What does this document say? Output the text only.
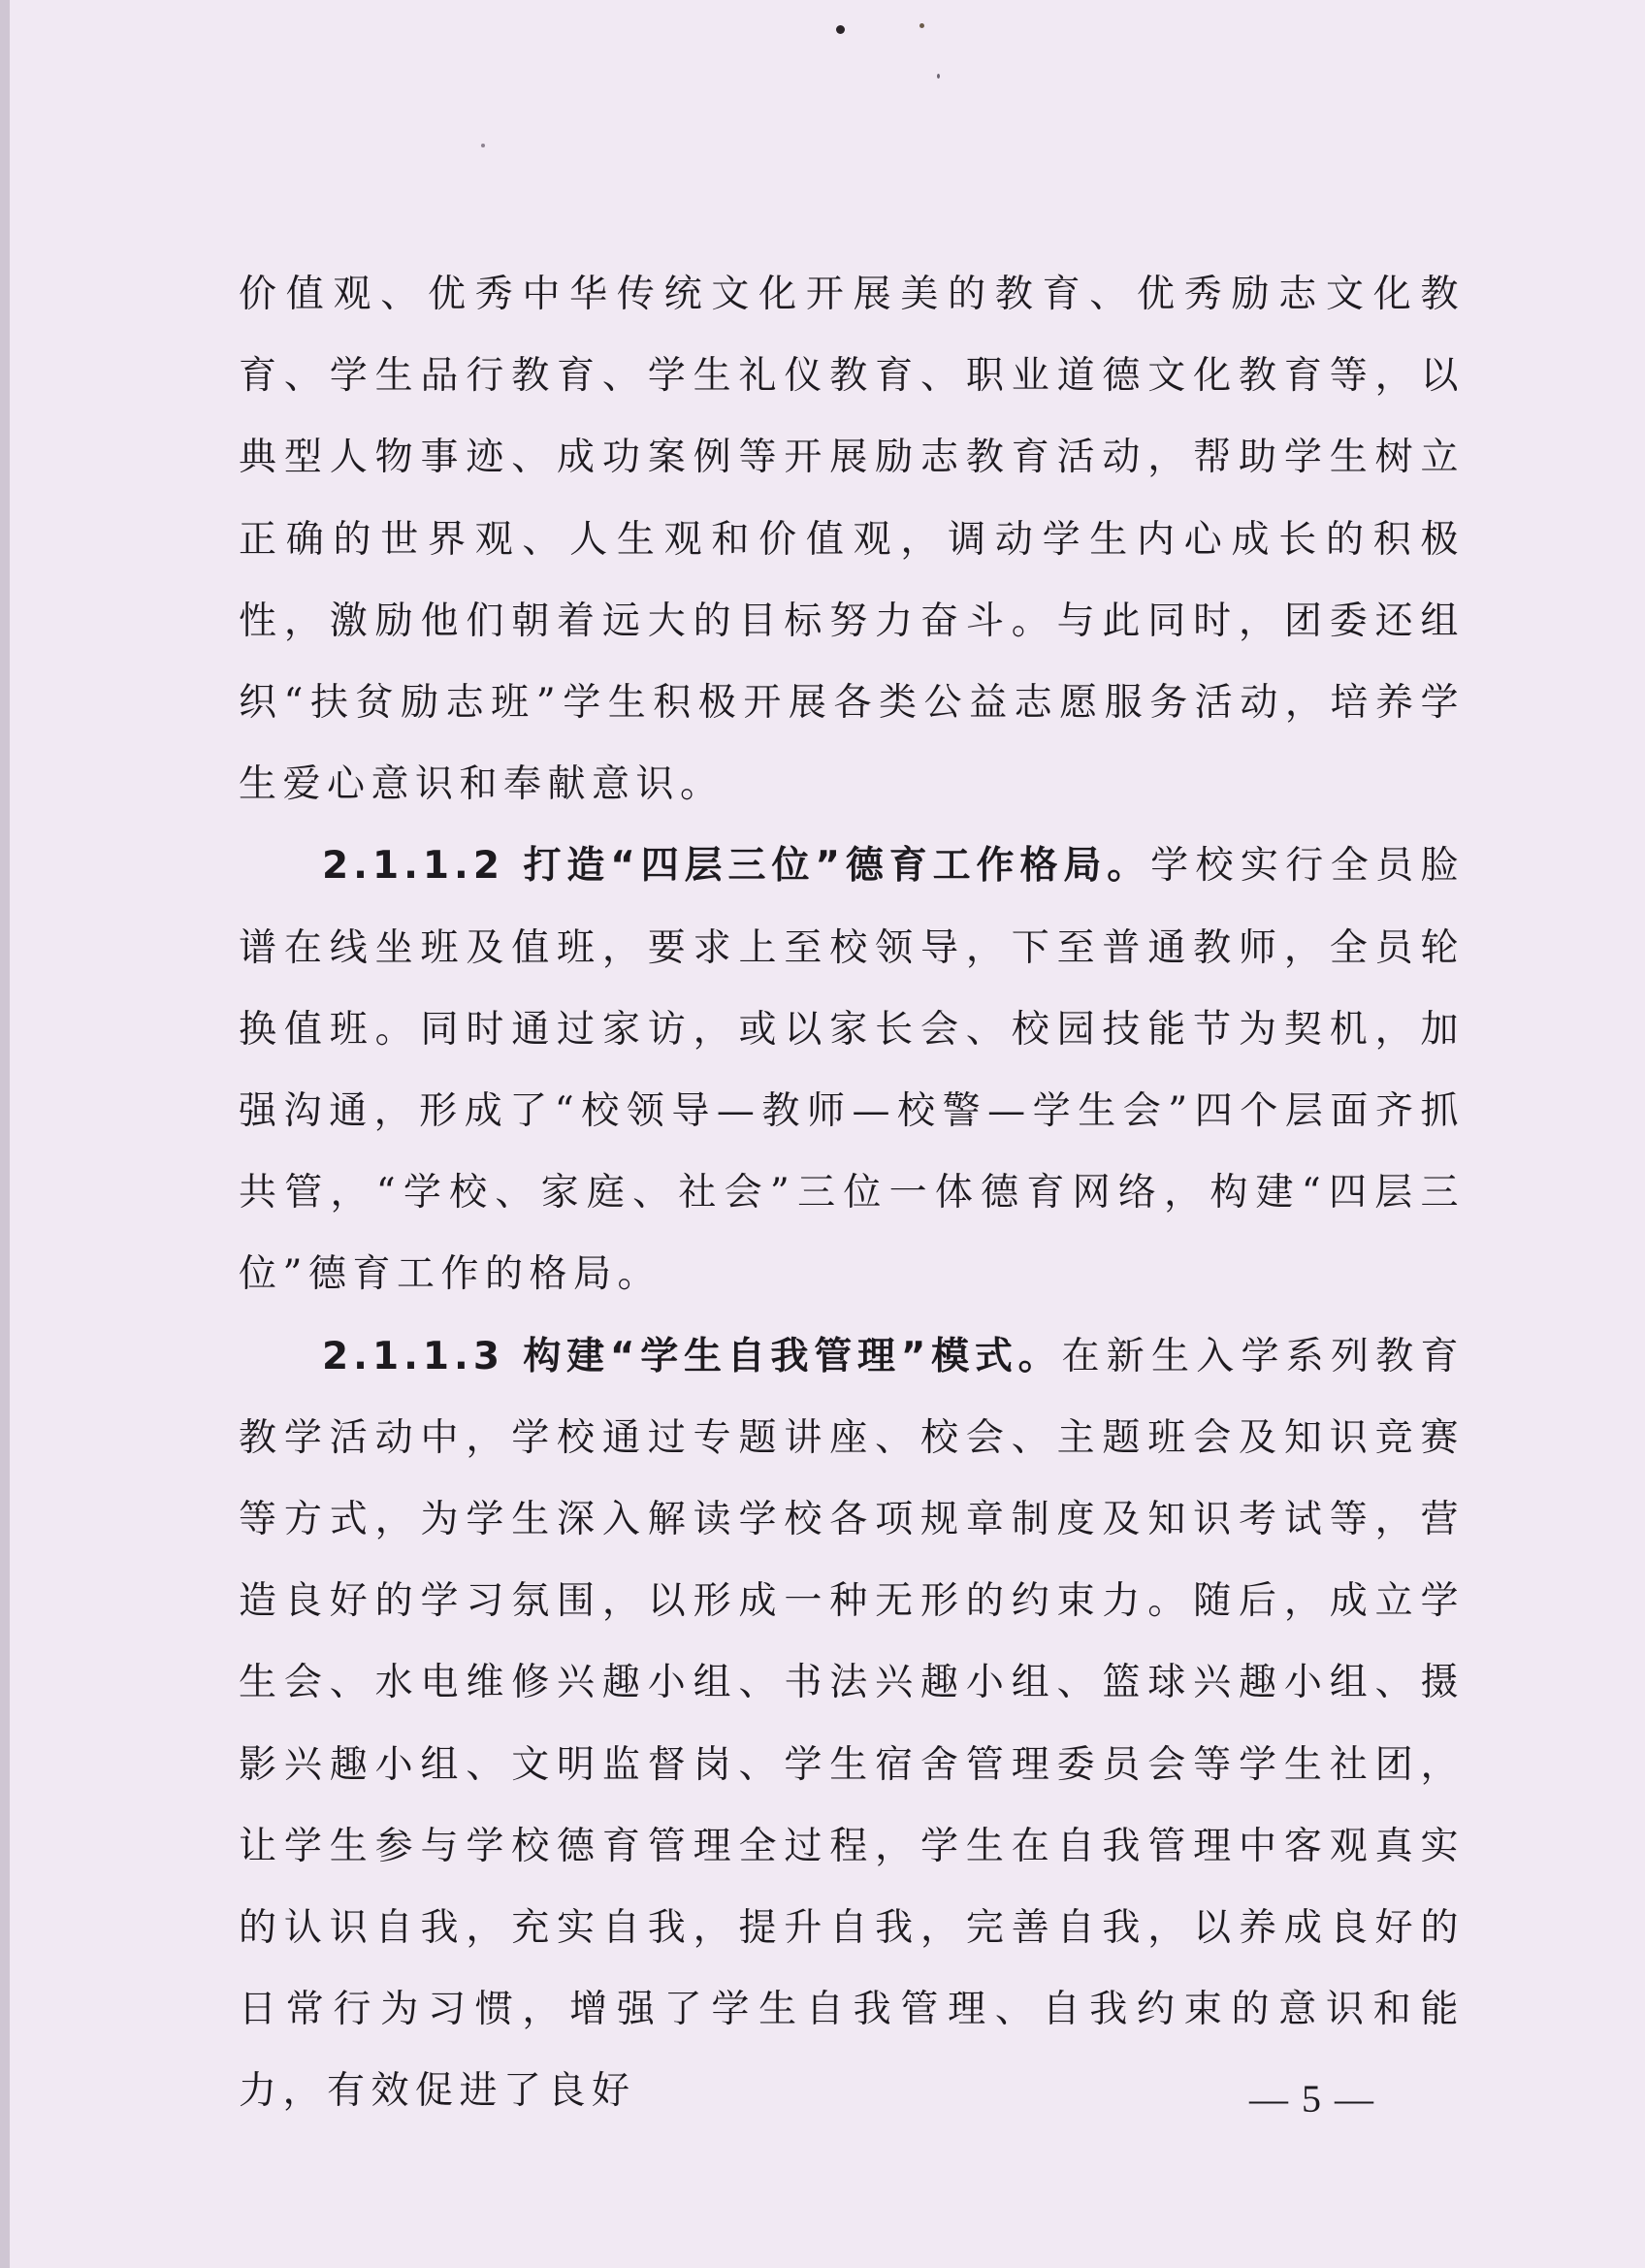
价值观、优秀中华传统文化开展美的教育、优秀励志文化教育、学生品行教育、学生礼仪教育、职业道德文化教育等，以典型人物事迹、成功案例等开展励志教育活动，帮助学生树立正确的世界观、人生观和价值观，调动学生内心成长的积极性，激励他们朝着远大的目标努力奋斗。与此同时，团委还组织“扶贫励志班”学生积极开展各类公益志愿服务活动，培养学生爱心意识和奉献意识。

2.1.1.2 打造“四层三位”德育工作格局。学校实行全员脸谱在线坐班及值班，要求上至校领导，下至普通教师，全员轮换值班。同时通过家访，或以家长会、校园技能节为契机，加强沟通，形成了“校领导—教师—校警—学生会”四个层面齐抓共管，“学校、家庭、社会”三位一体德育网络，构建“四层三位”德育工作的格局。

2.1.1.3 构建“学生自我管理”模式。在新生入学系列教育教学活动中，学校通过专题讲座、校会、主题班会及知识竞赛等方式，为学生深入解读学校各项规章制度及知识考试等，营造良好的学习氛围，以形成一种无形的约束力。随后，成立学生会、水电维修兴趣小组、书法兴趣小组、篮球兴趣小组、摄影兴趣小组、文明监督岗、学生宿舍管理委员会等学生社团，让学生参与学校德育管理全过程，学生在自我管理中客观真实的认识自我，充实自我，提升自我，完善自我，以养成良好的日常行为习惯，增强了学生自我管理、自我约束的意识和能力，有效促进了良好	— 5 —
